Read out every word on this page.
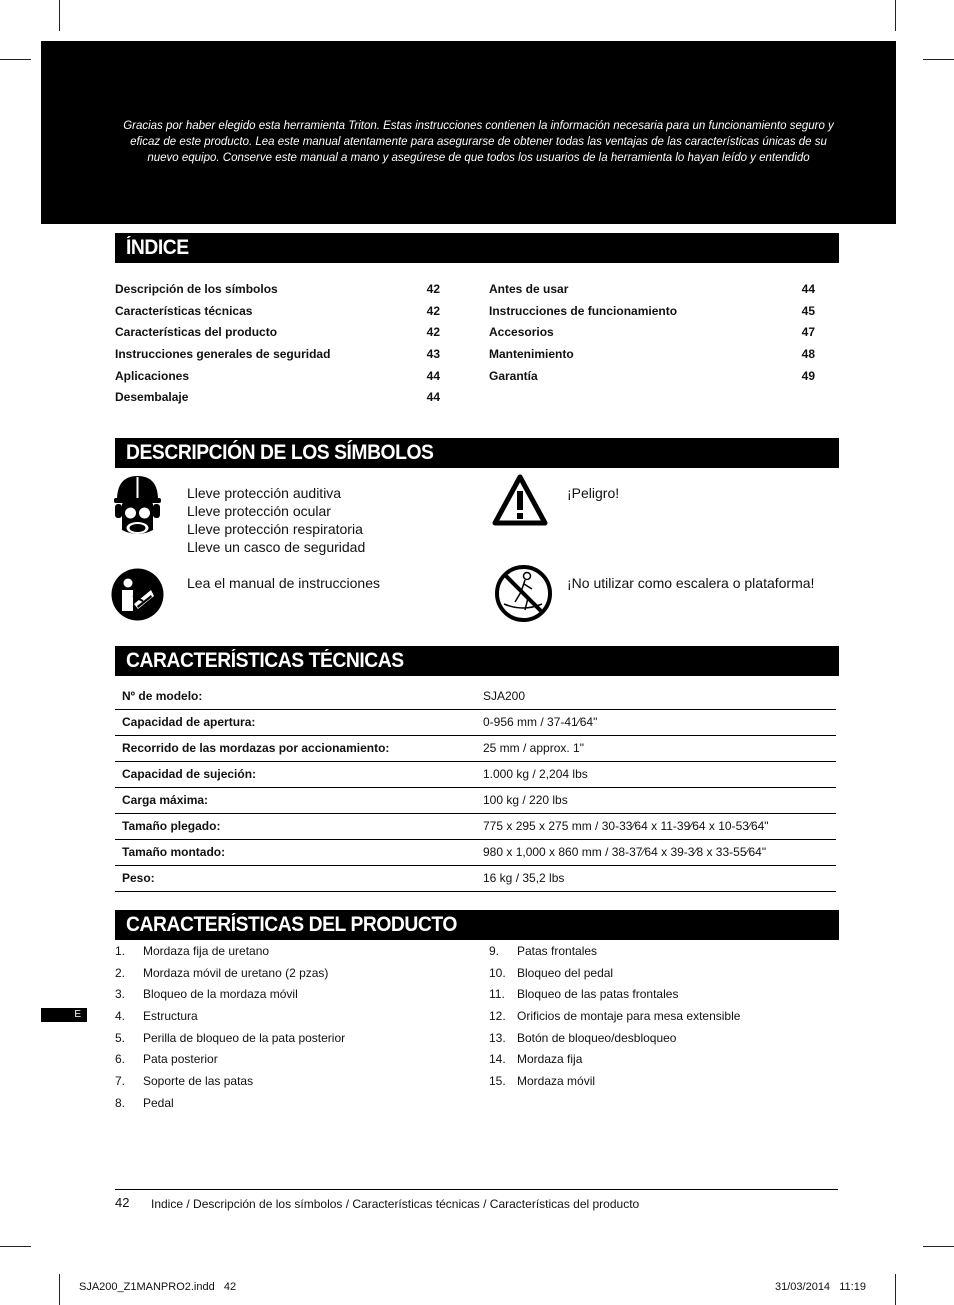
Gracias por haber elegido esta herramienta Triton. Estas instrucciones contienen la información necesaria para un funcionamiento seguro y eficaz de este producto. Lea este manual atentamente para asegurarse de obtener todas las ventajas de las características únicas de su nuevo equipo. Conserve este manual a mano y asegúrese de que todos los usuarios de la herramienta lo hayan leído y entendido
ÍNDICE
Descripción de los símbolos	42
Características técnicas	42
Características del producto	42
Instrucciones generales de seguridad	43
Aplicaciones	44
Desembalaje	44
Antes de usar	44
Instrucciones de funcionamiento	45
Accesorios	47
Mantenimiento	48
Garantía	49
DESCRIPCIÓN DE LOS SÍMBOLOS
Lleve protección auditiva
Lleve protección ocular
Lleve protección respiratoria
Lleve un casco de seguridad
¡Peligro!
Lea el manual de instrucciones	¡No utilizar como escalera o plataforma!
CARACTERÍSTICAS TÉCNICAS
Nº de modelo:	SJA200
Capacidad de apertura:	0-956 mm / 37-41⁄64"
Recorrido de las mordazas por accionamiento:	25 mm / approx. 1"
Capacidad de sujeción:	1.000 kg / 2,204 lbs
Carga máxima:	100 kg / 220 lbs
Tamaño plegado:	775 x 295 x 275 mm / 30-33⁄64 x 11-39⁄64 x 10-53⁄64"
Tamaño montado:	980 x 1,000 x 860 mm / 38-37⁄64 x 39-3⁄8 x 33-55⁄64"
Peso:	16 kg / 35,2 lbs
CARACTERÍSTICAS DEL PRODUCTO
1. Mordaza fija de uretano
2. Mordaza móvil de uretano (2 pzas)
3. Bloqueo de la mordaza móvil
4. Estructura
5. Perilla de bloqueo de la pata posterior
6. Pata posterior
7. Soporte de las patas
8. Pedal
9. Patas frontales
10. Bloqueo del pedal
11. Bloqueo de las patas frontales
12. Orificios de montaje para mesa extensible
13. Botón de bloqueo/desbloqueo
14. Mordaza fija
15. Mordaza móvil
E
42 Indice / Descripción de los símbolos / Características técnicas / Características del producto
SJA200_Z1MANPRO2.indd   42	31/03/2014   11:19
